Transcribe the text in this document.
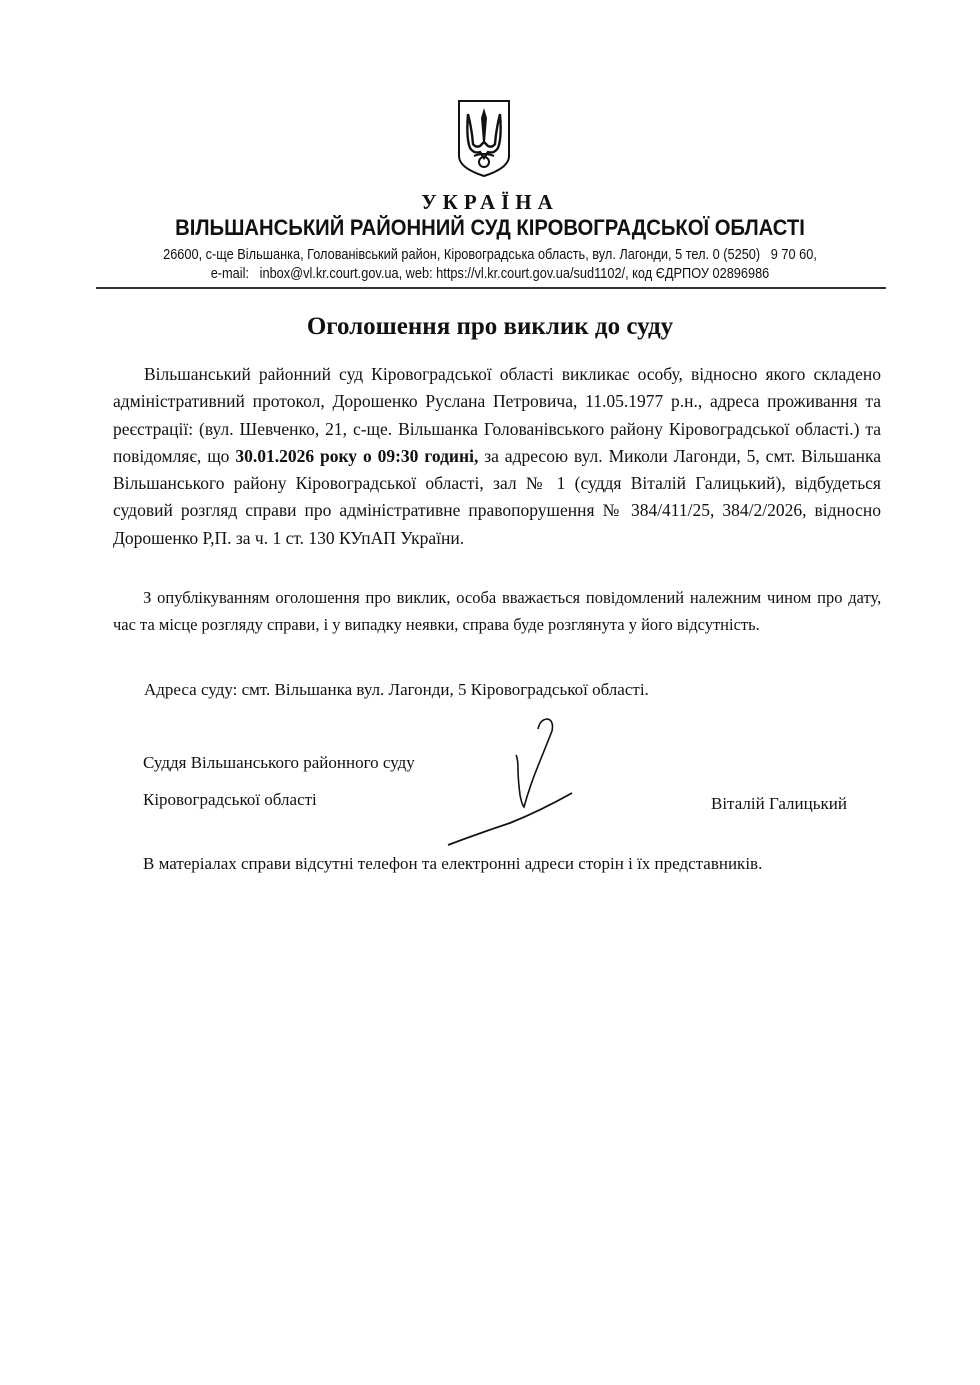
УКРАЇНА
ВІЛЬШАНСЬКИЙ РАЙОННИЙ СУД КІРОВОГРАДСЬКОЇ ОБЛАСТІ
26600, с-ще Вільшанка, Голованівський район, Кіровоградська область, вул. Лагонди, 5 тел. 0 (5250)   9 70 60,
e-mail:   inbox@vl.kr.court.gov.ua, web: https://vl.kr.court.gov.ua/sud1102/, код ЄДРПОУ 02896986
Оголошення про виклик до суду

Вільшанський районний суд Кіровоградської області викликає особу, відносно якого складено адміністративний протокол, Дорошенко Руслана Петровича, 11.05.1977 р.н., адреса проживання та реєстрації: (вул. Шевченко, 21, с-ще. Вільшанка Голованівського району Кіровоградської області.) та повідомляє, що 30.01.2026 року о 09:30 годині, за адресою вул. Миколи Лагонди, 5, смт. Вільшанка Вільшанського району Кіровоградської області, зал № 1 (суддя Віталій Галицький), відбудеться судовий розгляд справи про адміністративне правопорушення № 384/411/25, 384/2/2026, відносно Дорошенко Р,П. за ч. 1 ст. 130 КУпАП України.

З опублікуванням оголошення про виклик, особа вважається повідомлений належним чином про дату, час та місце розгляду справи, і у випадку неявки, справа буде розглянута у його відсутність.

Адреса суду: смт. Вільшанка вул. Лагонди, 5 Кіровоградської області.

Суддя Вільшанського районного суду
Кіровоградської області	Віталій Галицький
В матеріалах справи відсутні телефон та електронні адреси сторін і їх представників.
